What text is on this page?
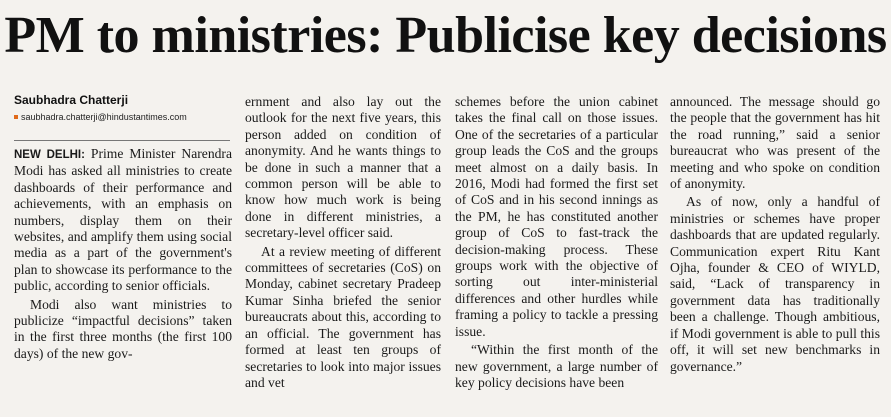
PM to ministries: Publicise key decisions
Saubhadra Chatterji
saubhadra.chatterji@hindustantimes.com

NEW DELHI: Prime Minister Narendra Modi has asked all ministries to create dashboards of their performance and achievements, with an emphasis on numbers, display them on their websites, and amplify them using social media as a part of the government's plan to showcase its performance to the public, according to senior officials.

Modi also want ministries to publicize “impactful decisions” taken in the first three months (the first 100 days) of the new gov-

ernment and also lay out the outlook for the next five years, this person added on condition of anonymity. And he wants things to be done in such a manner that a common person will be able to know how much work is being done in different ministries, a secretary-level officer said.

At a review meeting of different committees of secretaries (CoS) on Monday, cabinet secretary Pradeep Kumar Sinha briefed the senior bureaucrats about this, according to an official. The government has formed at least ten groups of secretaries to look into major issues and vet

schemes before the union cabinet takes the final call on those issues. One of the secretaries of a particular group leads the CoS and the groups meet almost on a daily basis. In 2016, Modi had formed the first set of CoS and in his second innings as the PM, he has constituted another group of CoS to fast-track the decision-making process. These groups work with the objective of sorting out inter-ministerial differences and other hurdles while framing a policy to tackle a pressing issue.

“Within the first month of the new government, a large number of key policy decisions have been

announced. The message should go the people that the government has hit the road running,” said a senior bureaucrat who was present of the meeting and who spoke on condition of anonymity.

As of now, only a handful of ministries or schemes have proper dashboards that are updated regularly. Communication expert Ritu Kant Ojha, founder & CEO of WIYLD, said, “Lack of transparency in government data has traditionally been a challenge. Though ambitious, if Modi government is able to pull this off, it will set new benchmarks in governance.”
